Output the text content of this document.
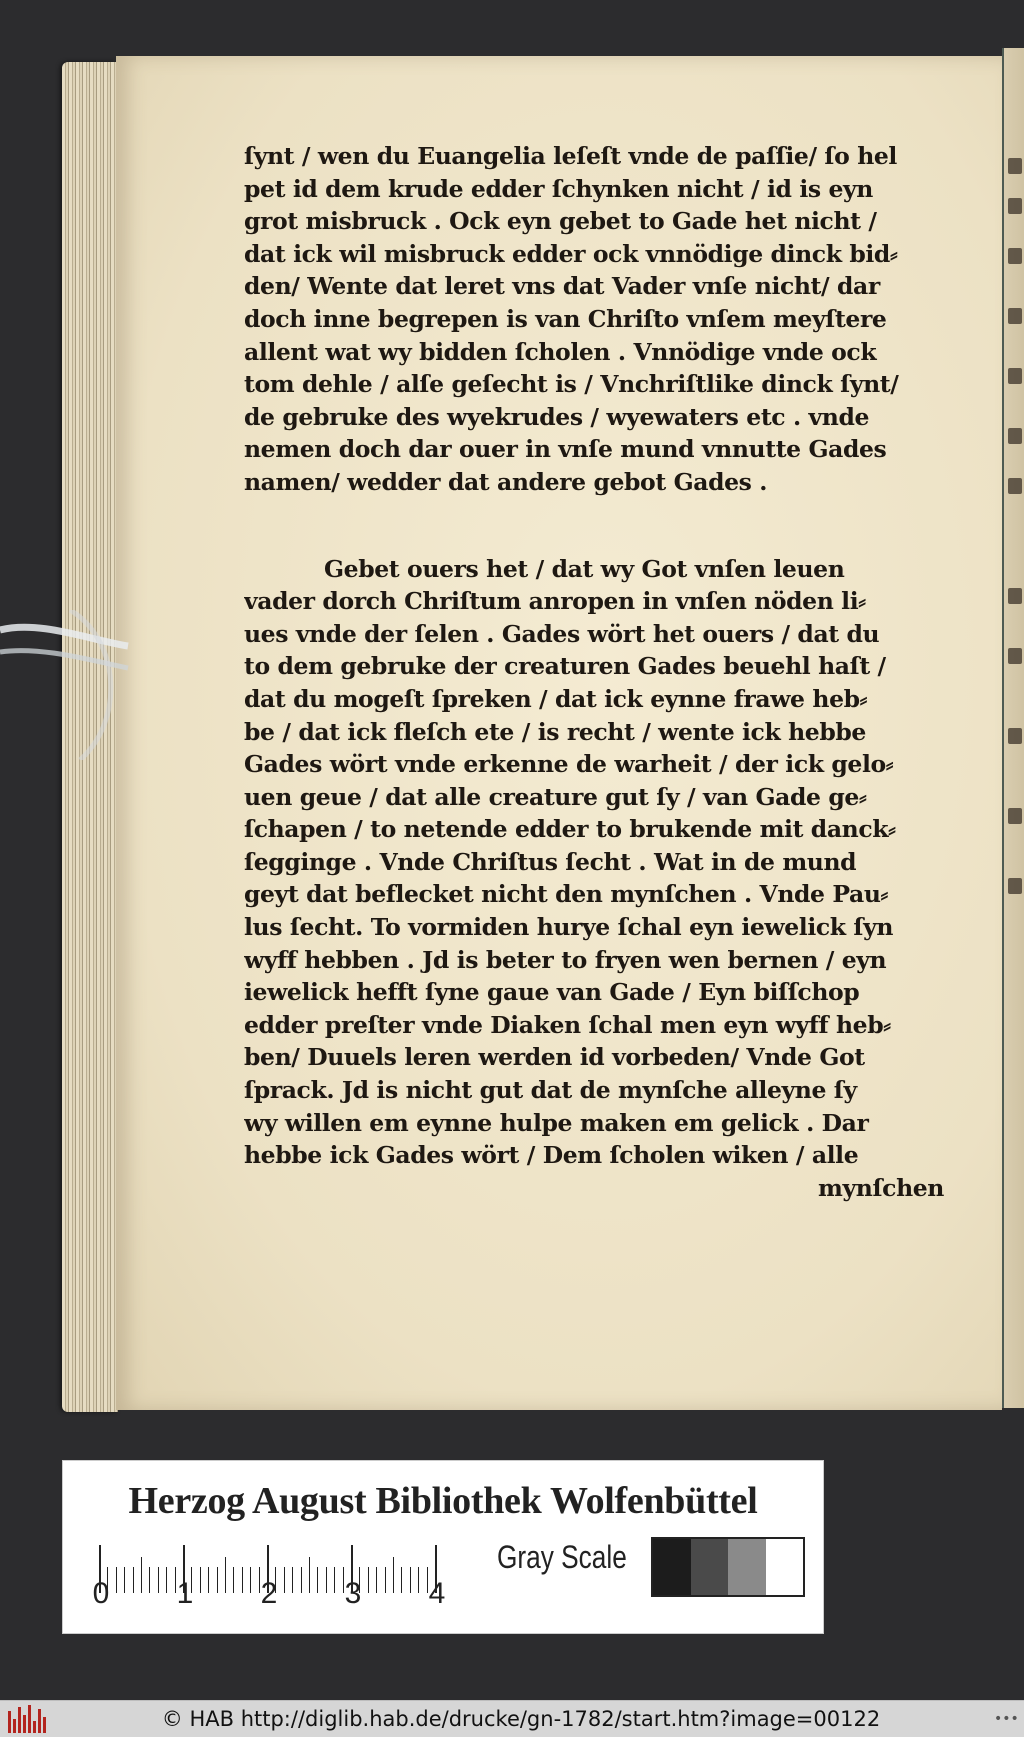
ſynt / wen du Euangelia leſeſt vnde de paſſie/ ſo hel
pet id dem krude edder ſchynken nicht / id is eyn
grot misbruck . Ock eyn gebet to Gade het nicht /
dat ick wil misbruck edder ock vnnödige dinck bid⸗
den/ Wente dat leret vns dat Vader vnſe nicht/ dar
doch inne begrepen is van Chriſto vnſem meyſtere
allent wat wy bidden ſcholen . Vnnödige vnde ock
tom dehle / alſe geſecht is / Vnchriſtlike dinck ſynt/
de gebruke des wyekrudes / wyewaters etc . vnde
nemen doch dar ouer in vnſe mund vnnutte Gades
namen/ wedder dat andere gebot Gades .
Gebet ouers het / dat wy Got vnſen leuen
vader dorch Chriſtum anropen in vnſen nöden li⸗
ues vnde der ſelen . Gades wört het ouers / dat du
to dem gebruke der creaturen Gades beuehl haſt /
dat du mogeſt ſpreken / dat ick eynne frawe heb⸗
be / dat ick fleſch ete / is recht / wente ick hebbe
Gades wört vnde erkenne de warheit / der ick gelo⸗
uen geue / dat alle creature gut ſy / van Gade ge⸗
ſchapen / to netende edder to brukende mit danck⸗
ſegginge . Vnde Chriſtus ſecht . Wat in de mund
geyt dat beflecket nicht den mynſchen . Vnde Pau⸗
lus ſecht. To vormiden hurye ſchal eyn iewelick ſyn
wyff hebben . Jd is beter to fryen wen bernen / eyn
iewelick hefft ſyne gaue van Gade / Eyn biſſchop
edder preſter vnde Diaken ſchal men eyn wyff heb⸗
ben/ Duuels leren werden id vorbeden/ Vnde Got
ſprack. Jd is nicht gut dat de mynſche alleyne ſy
wy willen em eynne hulpe maken em gelick . Dar
hebbe ick Gades wört / Dem ſcholen wiken / alle
mynſchen
Herzog August Bibliothek Wolfenbüttel
Gray Scale
0 1 2 3 4
© HAB http://diglib.hab.de/drucke/gn-1782/start.htm?image=00122	•••
